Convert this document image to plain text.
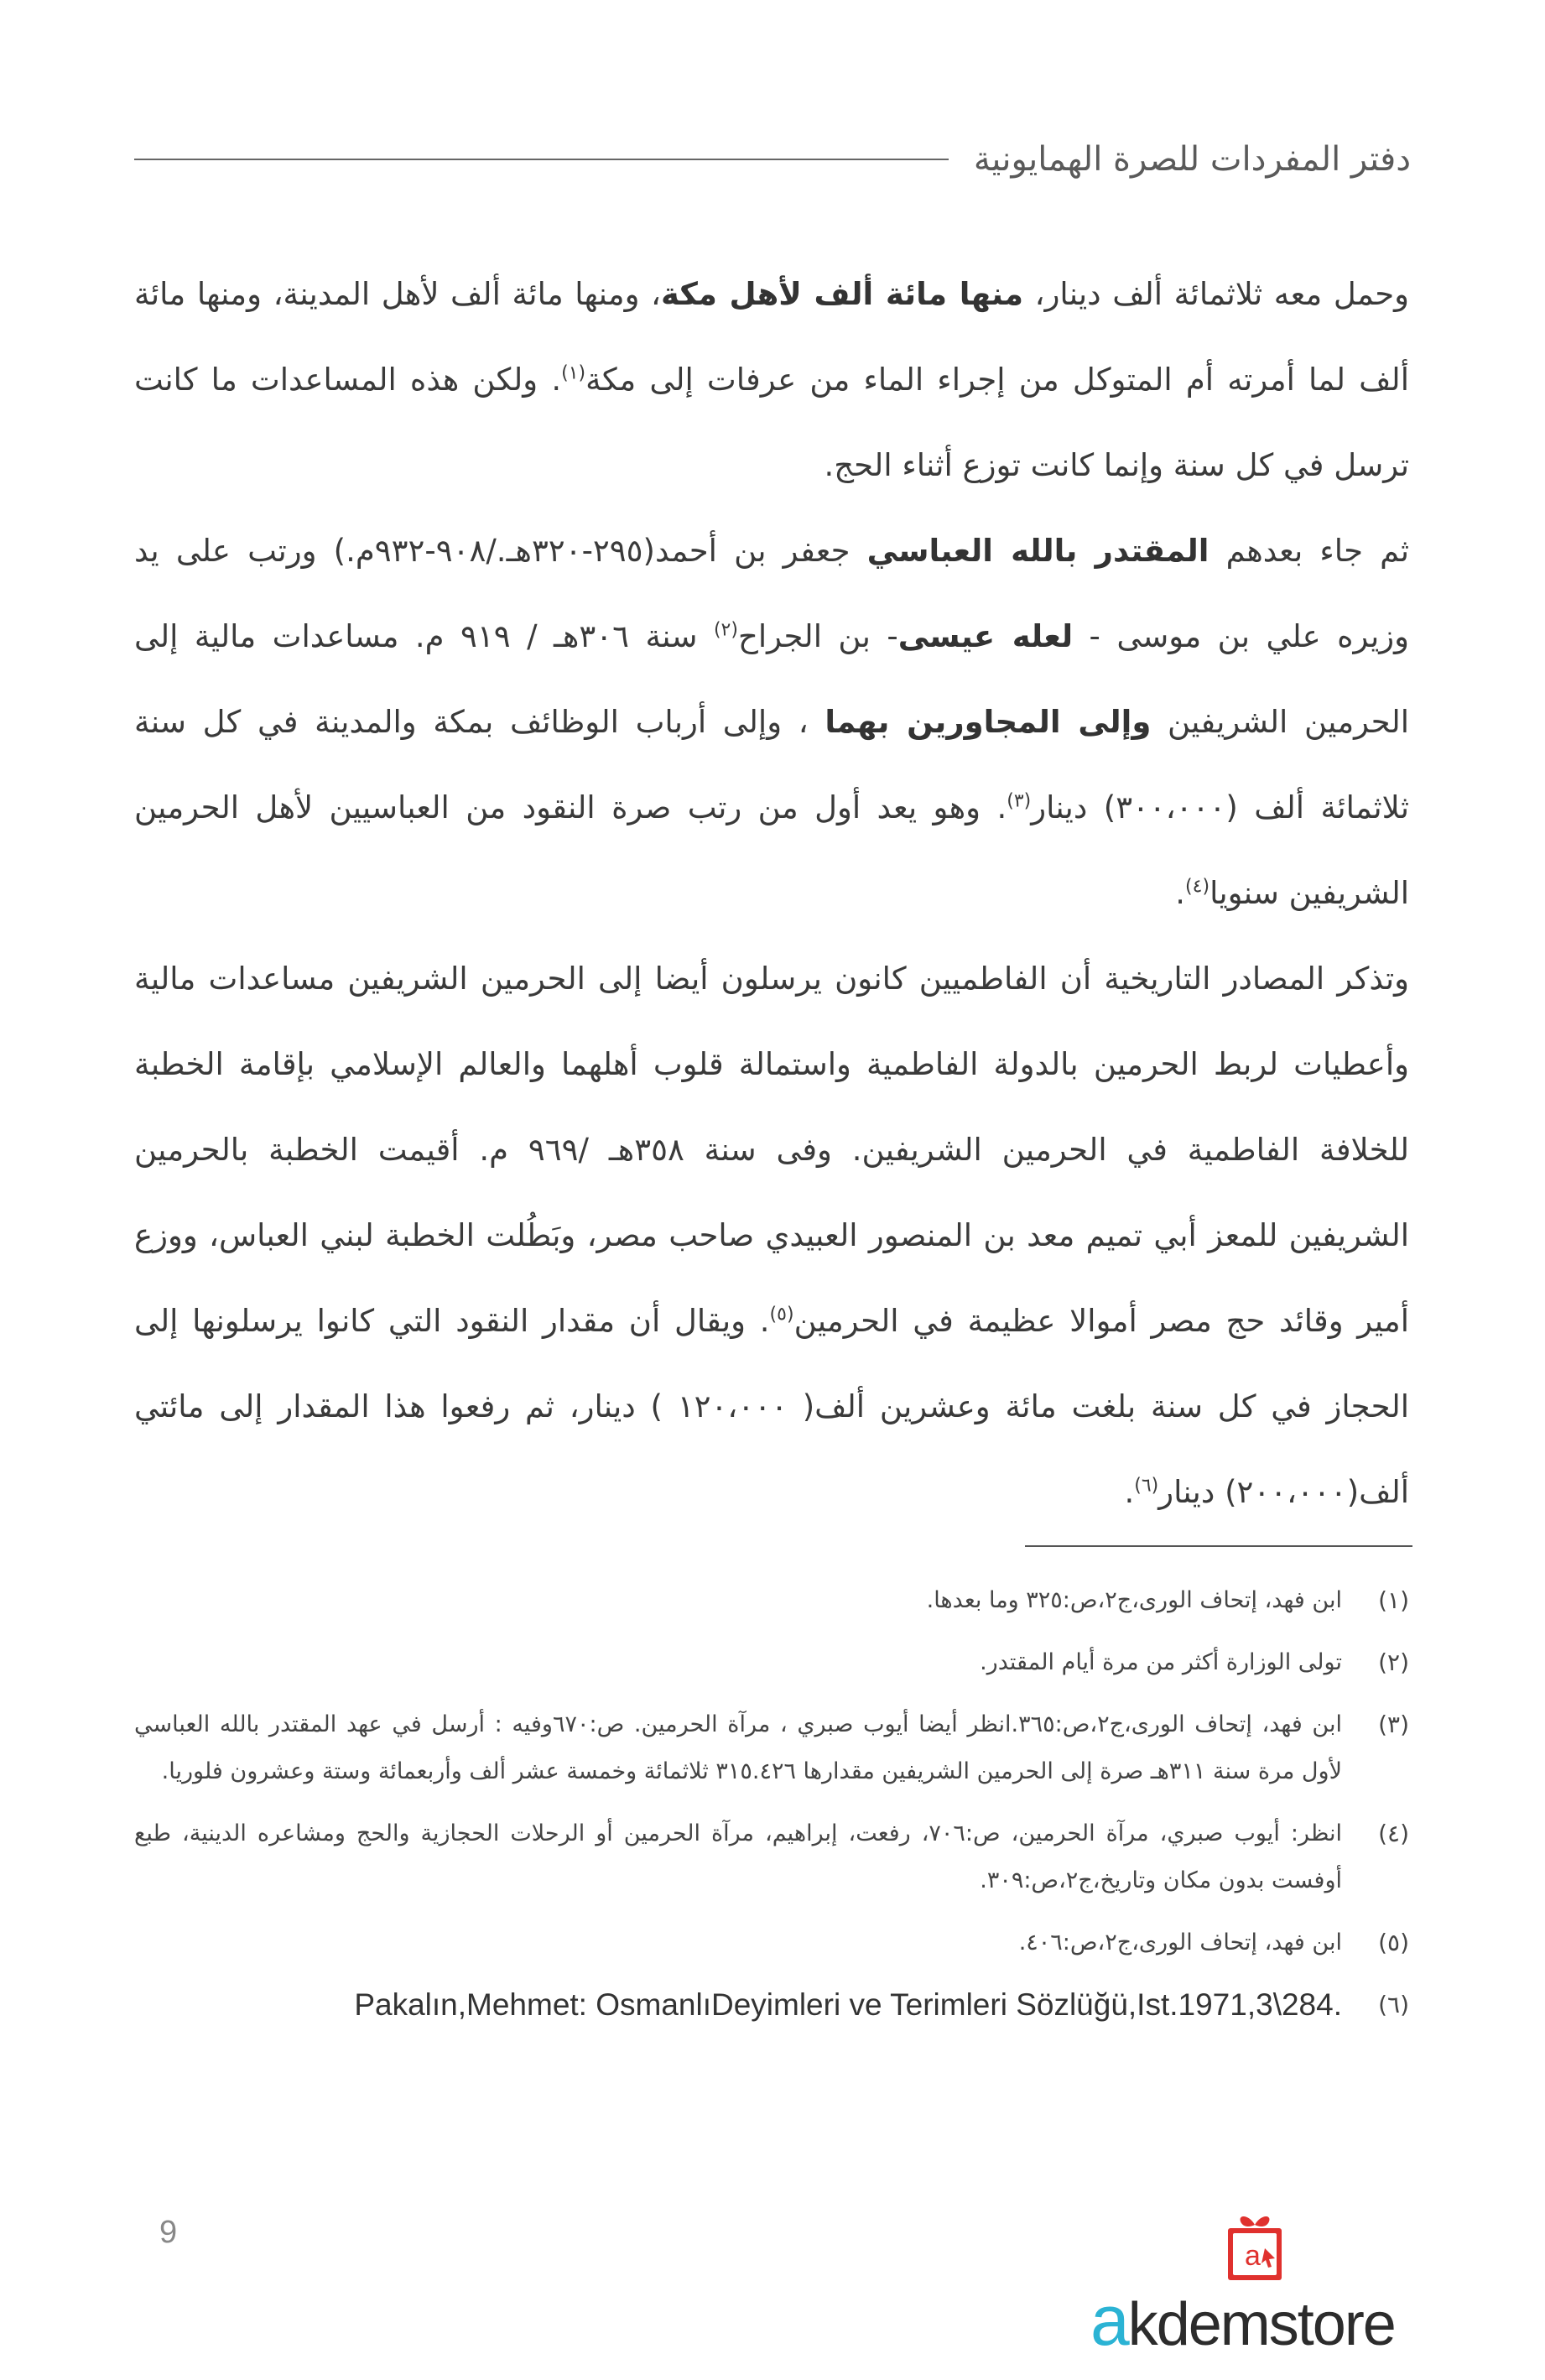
دفتر المفردات للصرة الهمايونية

وحمل معه ثلاثمائة ألف دينار، منها مائة ألف لأهل مكة، ومنها مائة ألف لأهل المدينة، ومنها مائة ألف لما أمرته أم المتوكل من إجراء الماء من عرفات إلى مكة$^{(١)}$. ولكن هذه المساعدات ما كانت ترسل في كل سنة وإنما كانت توزع أثناء الحج.

ثم جاء بعدهم المقتدر بالله العباسي جعفر بن أحمد(٢٩٥-٣٢٠هـ./٩٠٨-٩٣٢م.) ورتب على يد وزيره علي بن موسى - لعله عيسى- بن الجراح$^{(٢)}$ سنة ٣٠٦هـ / ٩١٩ م. مساعدات مالية إلى الحرمين الشريفين وإلى المجاورين بهما ، وإلى أرباب الوظائف بمكة والمدينة في كل سنة ثلاثمائة ألف (٣٠٠،٠٠٠) دينار$^{(٣)}$. وهو يعد أول من رتب صرة النقود من العباسيين لأهل الحرمين الشريفين سنويا$^{(٤)}$.

وتذكر المصادر التاريخية أن الفاطميين كانون يرسلون أيضا إلى الحرمين الشريفين مساعدات مالية وأعطيات لربط الحرمين بالدولة الفاطمية واستمالة قلوب أهلهما والعالم الإسلامي بإقامة الخطبة للخلافة الفاطمية في الحرمين الشريفين. وفى سنة ٣٥٨هـ /٩٦٩ م. أقيمت الخطبة بالحرمين الشريفين للمعز أبي تميم معد بن المنصور العبيدي صاحب مصر، وبَطُلت الخطبة لبني العباس، ووزع أمير وقائد حج مصر أموالا عظيمة في الحرمين$^{(٥)}$. ويقال أن مقدار النقود التي كانوا يرسلونها إلى الحجاز في كل سنة بلغت مائة وعشرين ألف( ١٢٠،٠٠٠ ) دينار، ثم رفعوا هذا المقدار إلى مائتي ألف(٢٠٠،٠٠٠) دينار$^{(٦)}$.

(١)
ابن فهد، إتحاف الورى،ج٢،ص:٣٢٥ وما بعدها.
(٢)
تولى الوزارة أكثر من مرة أيام المقتدر.
(٣)
ابن فهد، إتحاف الورى،ج٢،ص:٣٦٥.انظر أيضا أيوب صبري ، مرآة الحرمين. ص:٦٧٠وفيه : أرسل في عهد المقتدر بالله العباسي لأول مرة سنة ٣١١هـ صرة إلى الحرمين الشريفين مقدارها ٣١٥.٤٢٦ ثلاثمائة وخمسة عشر ألف وأربعمائة وستة وعشرون فلوريا.
(٤)
انظر: أيوب صبري، مرآة الحرمين، ص:٧٠٦، رفعت، إبراهيم، مرآة الحرمين أو الرحلات الحجازية والحج ومشاعره الدينية، طبع أوفست بدون مكان وتاريخ،ج٢،ص:٣٠٩.
(٥)
ابن فهد، إتحاف الورى،ج٢،ص:٤٠٦.
(٦)
Pakalın,Mehmet: OsmanlıDeyimleri ve Terimleri Sözlüğü,Ist.1971,3\284.
9
a
akdemstore
